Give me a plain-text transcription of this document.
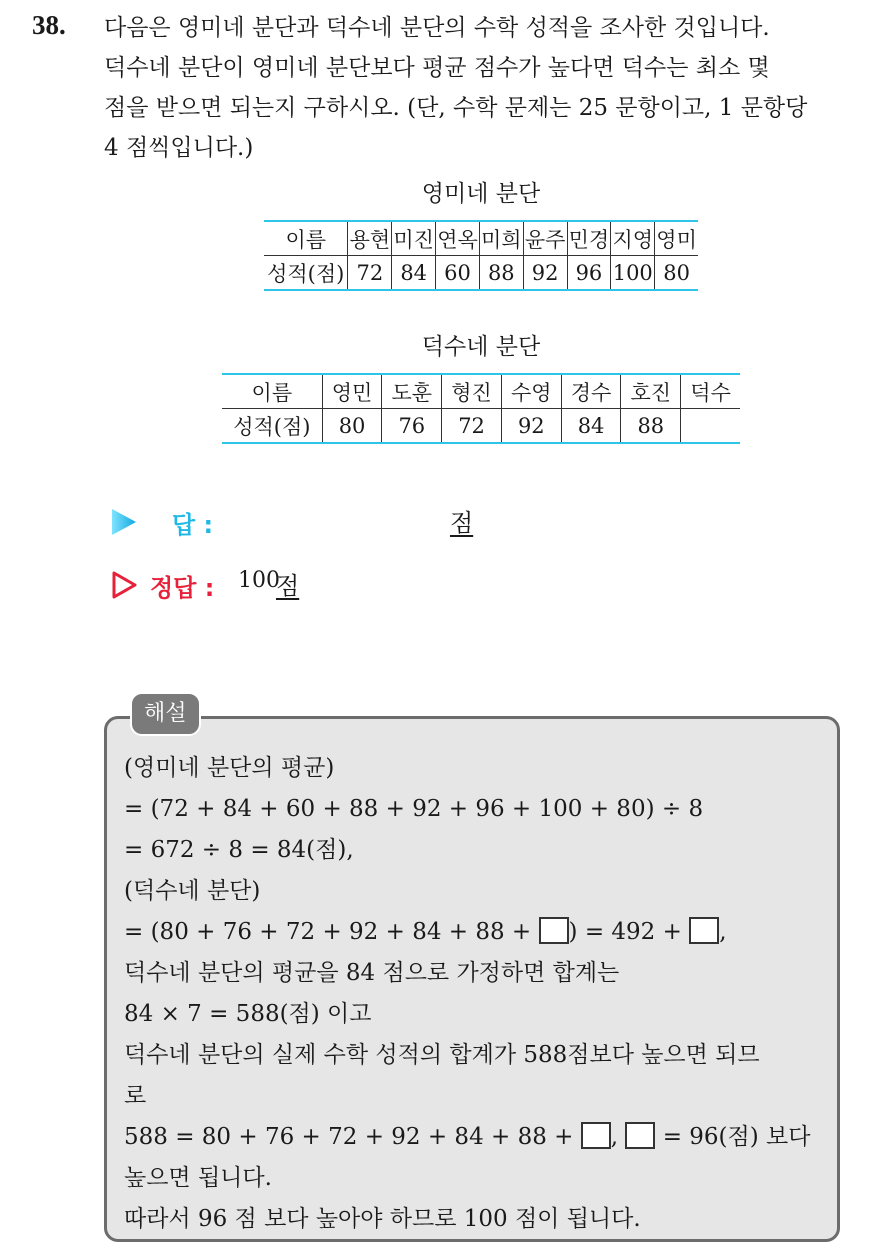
38. 다음은 영미네 분단과 덕수네 분단의 수학 성적을 조사한 것입니다.

덕수네 분단이 영미네 분단보다 평균 점수가 높다면 덕수는 최소 몇

점을 받으면 되는지 구하시오. (단, 수학 문제는 25 문항이고, 1 문항당

4 점씩입니다.)

영미네 분단
이름	용현	미진	연옥	미희	윤주	민경	지영	영미
성적(점)	72	84	60	88	92	96	100	80
덕수네 분단
이름	영민	도훈	형진	수영	경수	호진	덕수
성적(점)	80	76	72	92	84	88	
답 :	점
정답 : 100
점
해설

(영미네 분단의 평균)

= (72 + 84 + 60 + 88 + 92 + 96 + 100 + 80) ÷ 8

= 672 ÷ 8 = 84(점),

(덕수네 분단)

= (80 + 76 + 72 + 92 + 84 + 88 + ) = 492 + ,

덕수네 분단의 평균을 84 점으로 가정하면 합계는

84 × 7 = 588(점) 이고

덕수네 분단의 실제 수학 성적의 합계가 588점보다 높으면 되므

로

588 = 80 + 76 + 72 + 92 + 84 + 88 + , = 96(점) 보다

높으면 됩니다.

따라서 96 점 보다 높아야 하므로 100 점이 됩니다.
